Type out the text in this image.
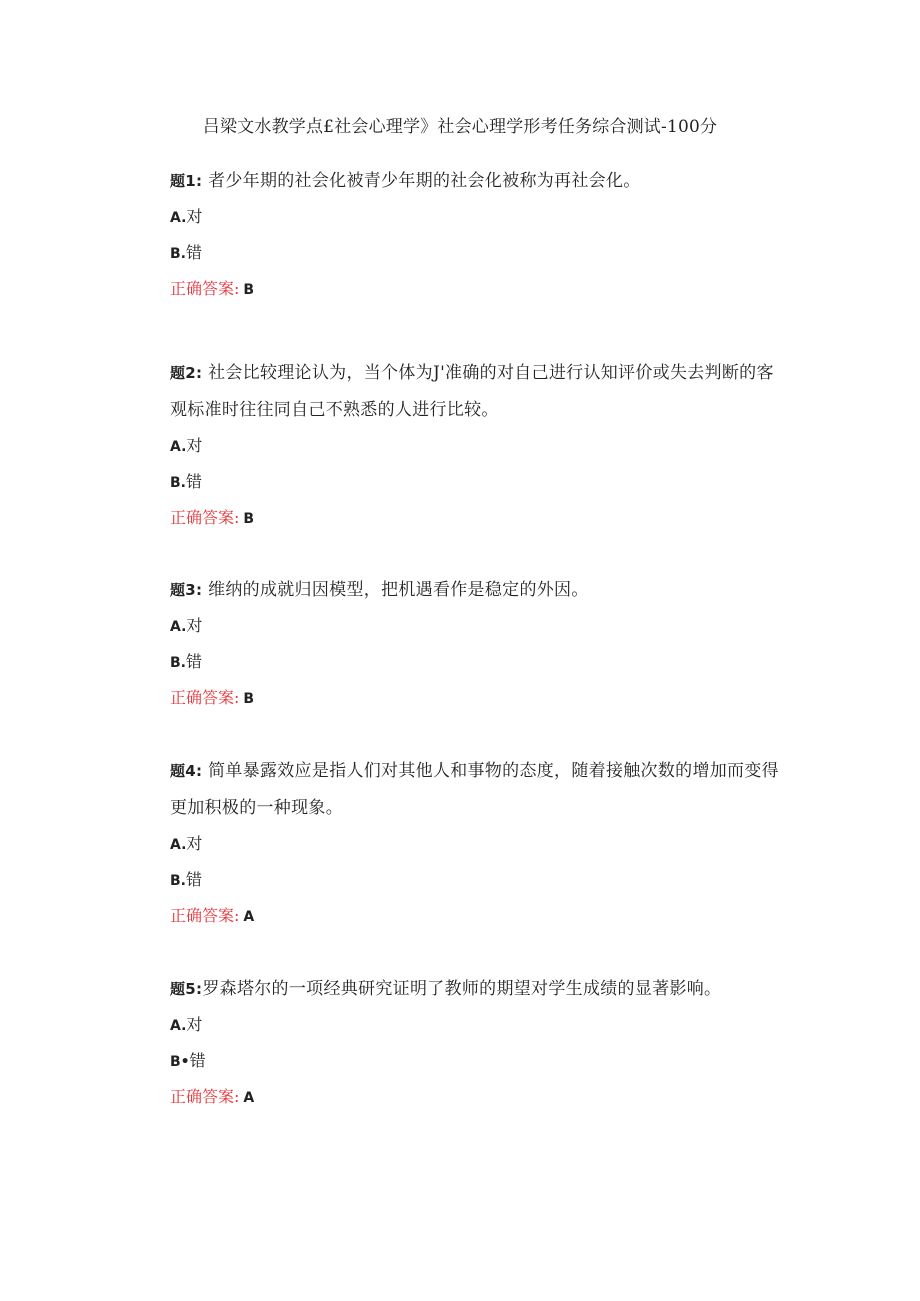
吕梁文水教学点£社会心理学》社会心理学形考任务综合测试-100分

题1: 者少年期的社会化被青少年期的社会化被称为再社会化。

A.对
B.错
正确答案: B

题2: 社会比较理论认为，当个体为J'准确的对自己进行认知评价或失去判断的客观标准时往往同自己不熟悉的人进行比较。

A.对
B.错
正确答案: B

题3: 维纳的成就归因模型，把机遇看作是稳定的外因。

A.对
B.错
正确答案: B

题4: 简单暴露效应是指人们对其他人和事物的态度，随着接触次数的增加而变得更加积极的一种现象。

A.对
B.错
正确答案: A

题5:罗森塔尔的一项经典研究证明了教师的期望对学生成绩的显著影响。

A.对
B•错
正确答案: A
